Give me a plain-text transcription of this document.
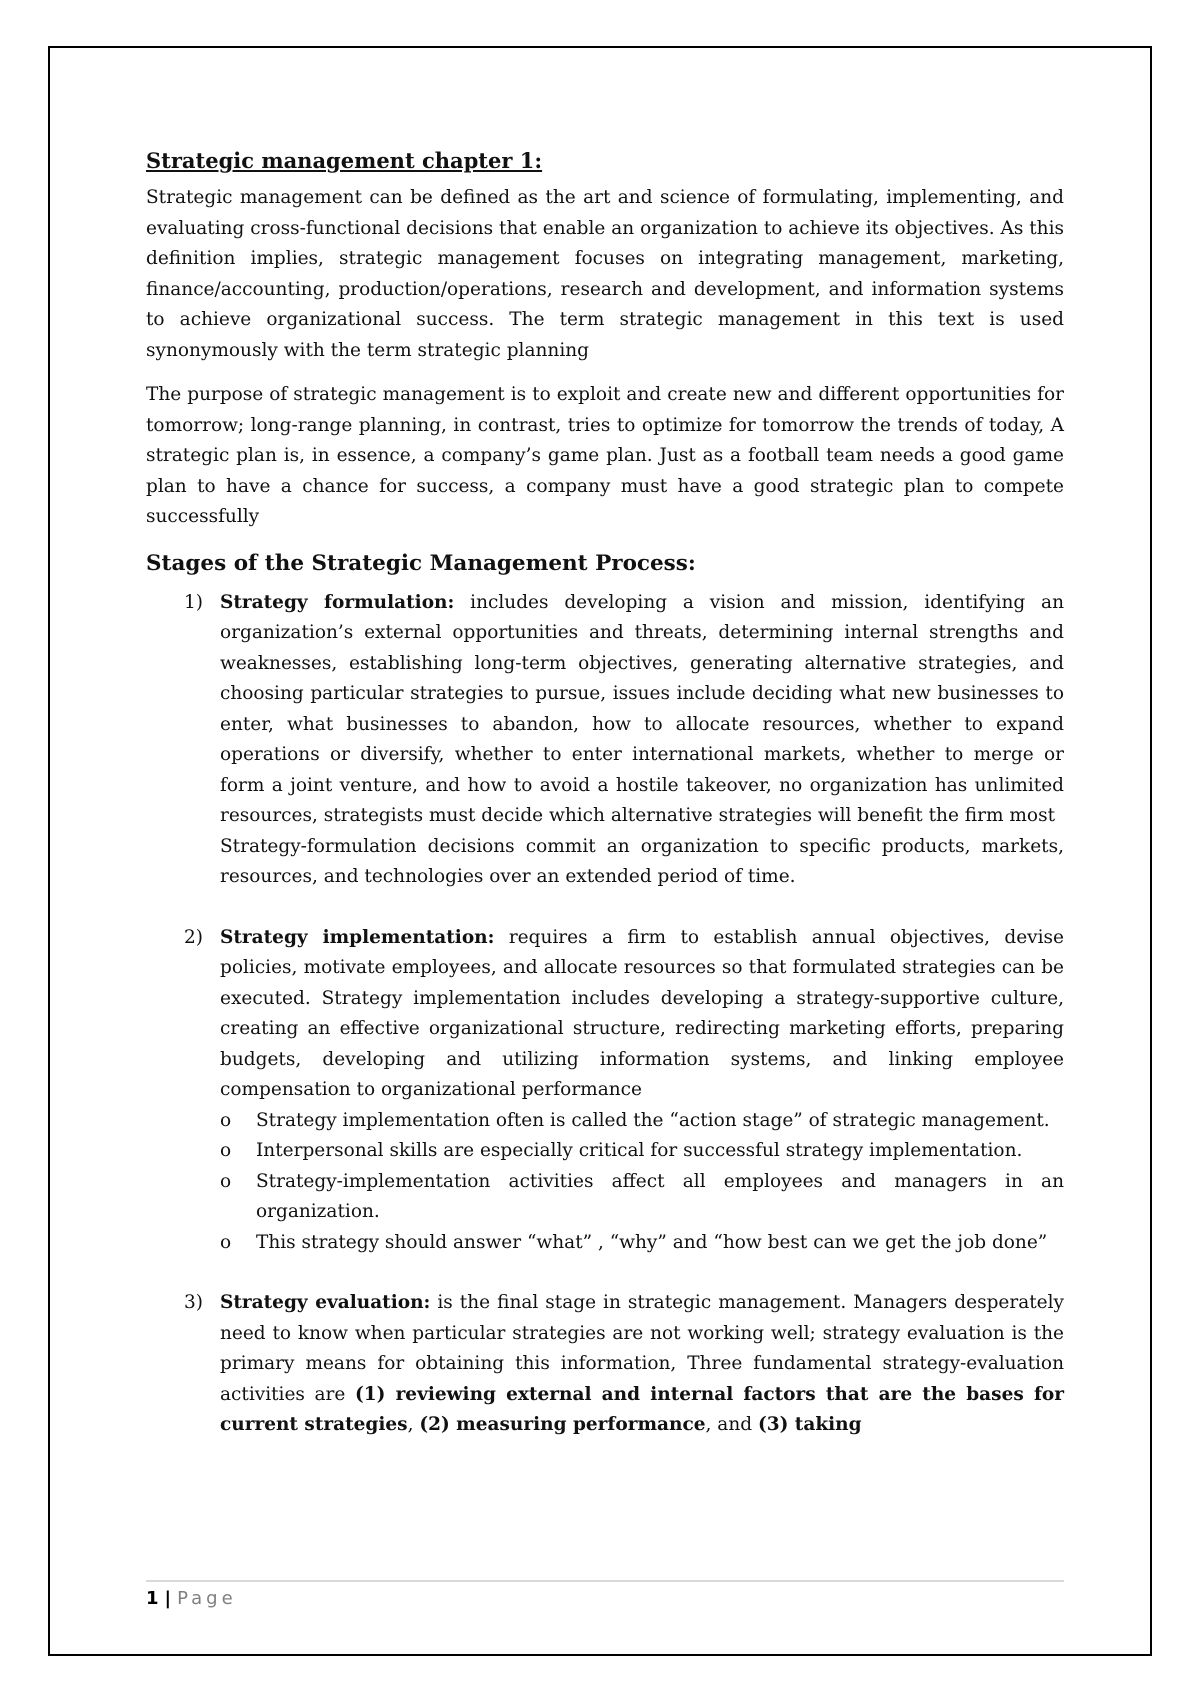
Strategic management chapter 1:

Strategic management can be defined as the art and science of formulating, implementing, and evaluating cross-functional decisions that enable an organization to achieve its objectives. As this definition implies, strategic management focuses on integrating management, marketing, finance/accounting, production/operations, research and development, and information systems to achieve organizational success. The term strategic management in this text is used synonymously with the term strategic planning

The purpose of strategic management is to exploit and create new and different opportunities for tomorrow; long-range planning, in contrast, tries to optimize for tomorrow the trends of today, A strategic plan is, in essence, a company’s game plan. Just as a football team needs a good game plan to have a chance for success, a company must have a good strategic plan to compete successfully

Stages of the Strategic Management Process:
1) Strategy formulation: includes developing a vision and mission, identifying an organization’s external opportunities and threats, determining internal strengths and weaknesses, establishing long-term objectives, generating alternative strategies, and choosing particular strategies to pursue, issues include deciding what new businesses to enter, what businesses to abandon, how to allocate resources, whether to expand operations or diversify, whether to enter international markets, whether to merge or form a joint venture, and how to avoid a hostile takeover, no organization has unlimited resources, strategists must decide which alternative strategies will benefit the firm most

Strategy-formulation decisions commit an organization to specific products, markets, resources, and technologies over an extended period of time.

2) Strategy implementation: requires a firm to establish annual objectives, devise policies, motivate employees, and allocate resources so that formulated strategies can be executed. Strategy implementation includes developing a strategy-supportive culture, creating an effective organizational structure, redirecting marketing efforts, preparing budgets, developing and utilizing information systems, and linking employee compensation to organizational performance

o Strategy implementation often is called the “action stage” of strategic management.
o Interpersonal skills are especially critical for successful strategy implementation.
o Strategy-implementation activities affect all employees and managers in an organization.
o This strategy should answer “what” , “why” and “how best can we get the job done”
3) Strategy evaluation: is the final stage in strategic management. Managers desperately need to know when particular strategies are not working well; strategy evaluation is the primary means for obtaining this information, Three fundamental strategy-evaluation activities are (1) reviewing external and internal factors that are the bases for current strategies, (2) measuring performance, and (3) taking

1 | Page
